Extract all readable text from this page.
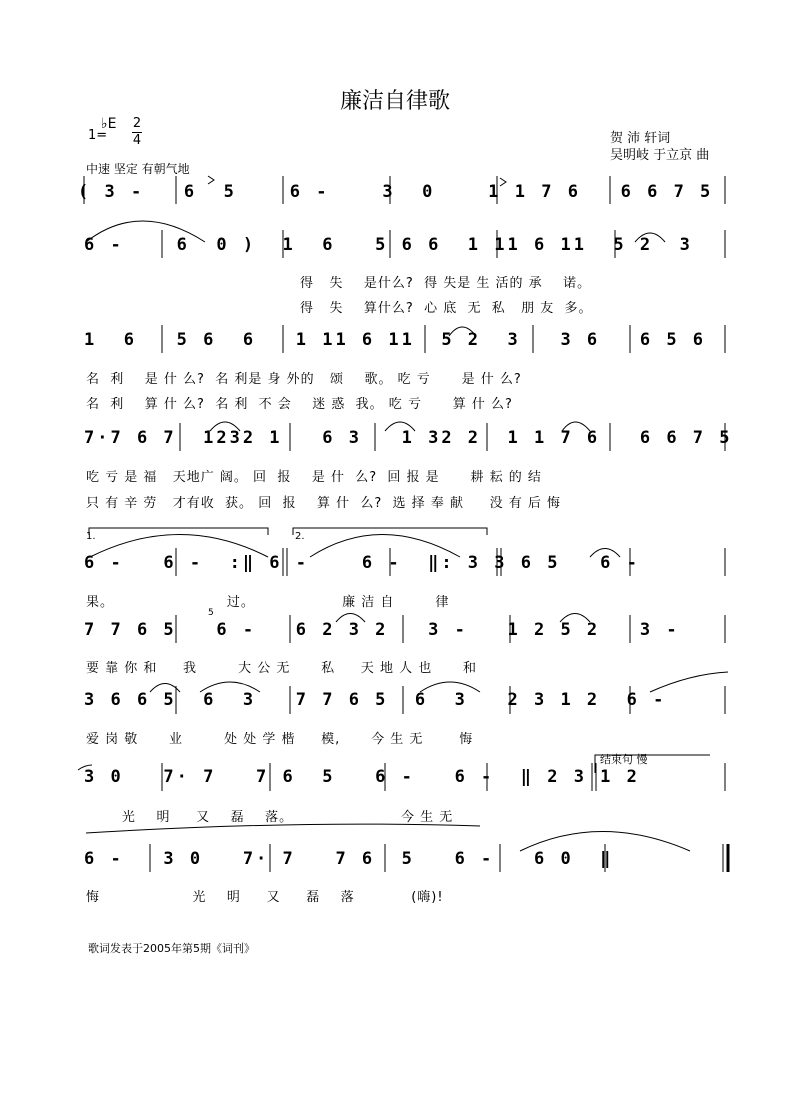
廉洁自律歌
1=
♭E 2
4	贺 沛 轩词
吴明岐 于立京 曲
中速 坚定 有朝气地
( 3 -   6  5    6 -    3  0    1 1 7 6   6 6 7 5
6 -    6  0 )  1  6   5 6 6  1 11 6 11  5 2  3
得   失    是什么?  得 失是 生 活的 承    诺。
得   失    算什么?  心 底  无  私   朋 友  多。
1  6   5 6  6   1 11 6 11  5 2  3   3 6   6 5 6
名  利    是 什 么?  名 利是 身 外的   颂    歌。 吃 亏      是 什 么?
名  利    算 什 么?  名 利  不 会    迷 惑  我。 吃 亏      算 什 么?
7·7 6 7  1232 1   6 3   1 32 2  1 1 7 6   6 6 7 5
吃 亏 是 福   天地广 阔。 回  报    是 什  么?  回 报 是      耕 耘 的 结
只 有 辛 劳   才有收  获。 回  报    算 什  么?  选 择 奉 献     没 有 后 悔
1.	2.
6 -   6 -  :‖ 6 -    6 -  ‖: 3 3 6 5   6 -
果。                      过。                 廉 洁 自        律
5
7 7 6 5   6 -   6 2 3 2   3 -   1 2 5 2   3 -
要 靠 你 和     我        大 公 无      私     天 地 人 也      和
3 6 6 5  6  3   7 7 6 5  6  3   2 3 1 2  6 -
爱 岗 敬      业        处 处 学 楷     模,      今 生 无       悔
结束句 慢
3 0   7· 7   7 6  5   6 -   6 -  ‖ 2 3 1 2
光    明     又    磊    落。                     今 生 无
6 -   3 0   7· 7   7 6  5   6 -   6 0  ‖
悔                  光    明     又     磊    落           (嗨)!
歌词发表于2005年第5期《词刊》
